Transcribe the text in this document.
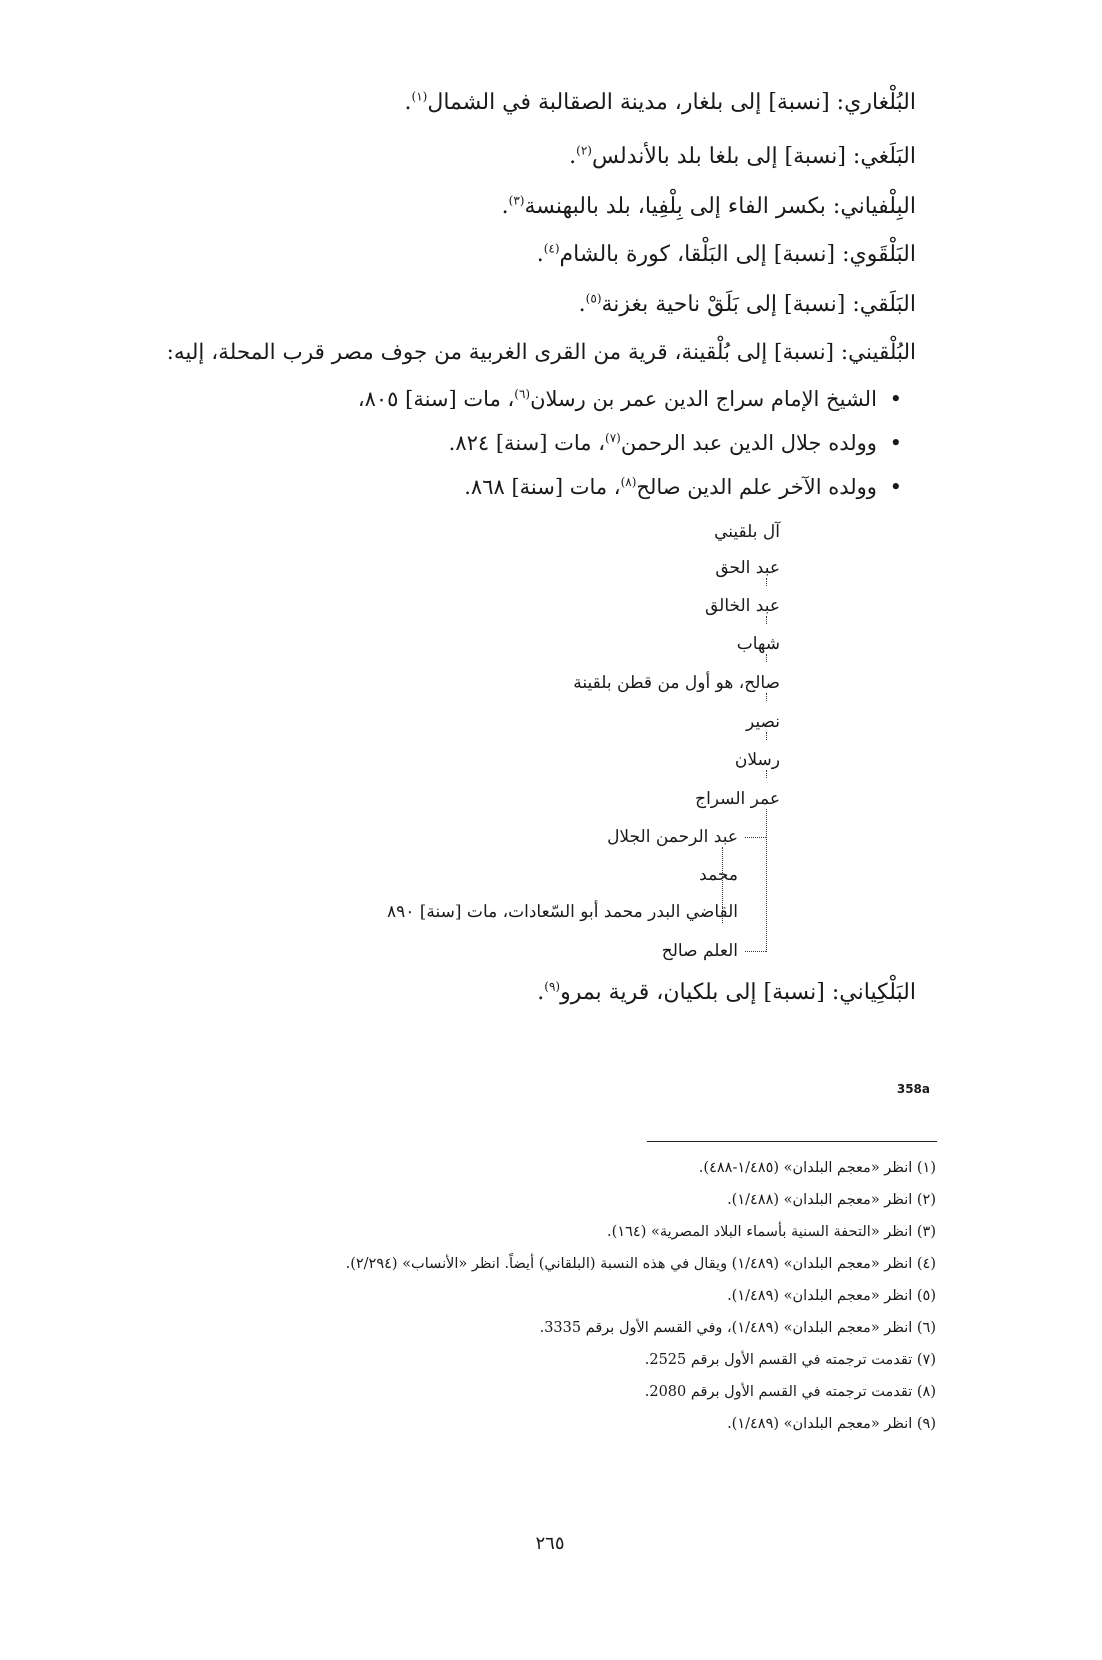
البُلْغاري: [نسبة] إلى بلغار، مدينة الصقالبة في الشمال$^{(١)}$.
البَلَغي: [نسبة] إلى بلغا بلد بالأندلس$^{(٢)}$.
البِلْفياني: بكسر الفاء إلى بِلْفِيا، بلد بالبهنسة$^{(٣)}$.
البَلْقَوي: [نسبة] إلى البَلْقا، كورة بالشام$^{(٤)}$.
البَلَقي: [نسبة] إلى بَلَقْ ناحية بغزنة$^{(٥)}$.
البُلْقيني: [نسبة] إلى بُلْقينة، قرية من القرى الغربية من جوف مصر قرب المحلة، إليه:
• الشيخ الإمام سراج الدين عمر بن رسلان$^{(٦)}$، مات [سنة] ٨٠٥،
• وولده جلال الدين عبد الرحمن$^{(٧)}$، مات [سنة] ٨٢٤.
• وولده الآخر علم الدين صالح$^{(٨)}$، مات [سنة] ٨٦٨.
آل بلقيني
عبد الحق
عبد الخالق
شهاب
صالح، هو أول من قطن بلقينة
نصير
رسلان
عمر السراج
عبد الرحمن الجلال
محمد
القاضي البدر محمد أبو السّعادات، مات [سنة] ٨٩٠
العلم صالح
البَلْكِياني: [نسبة] إلى بلكيان، قرية بمرو$^{(٩)}$.
358a
(١) انظر «معجم البلدان» (١/٤٨٥-٤٨٨).
(٢) انظر «معجم البلدان» (١/٤٨٨).
(٣) انظر «التحفة السنية بأسماء البلاد المصرية» (١٦٤).
(٤) انظر «معجم البلدان» (١/٤٨٩) ويقال في هذه النسبة (البلقاني) أيضاً. انظر «الأنساب» (٢/٢٩٤).
(٥) انظر «معجم البلدان» (١/٤٨٩).
(٦) انظر «معجم البلدان» (١/٤٨٩)، وفي القسم الأول برقم 3335.
(٧) تقدمت ترجمته في القسم الأول برقم 2525.
(٨) تقدمت ترجمته في القسم الأول برقم 2080.
(٩) انظر «معجم البلدان» (١/٤٨٩).
٢٦٥
